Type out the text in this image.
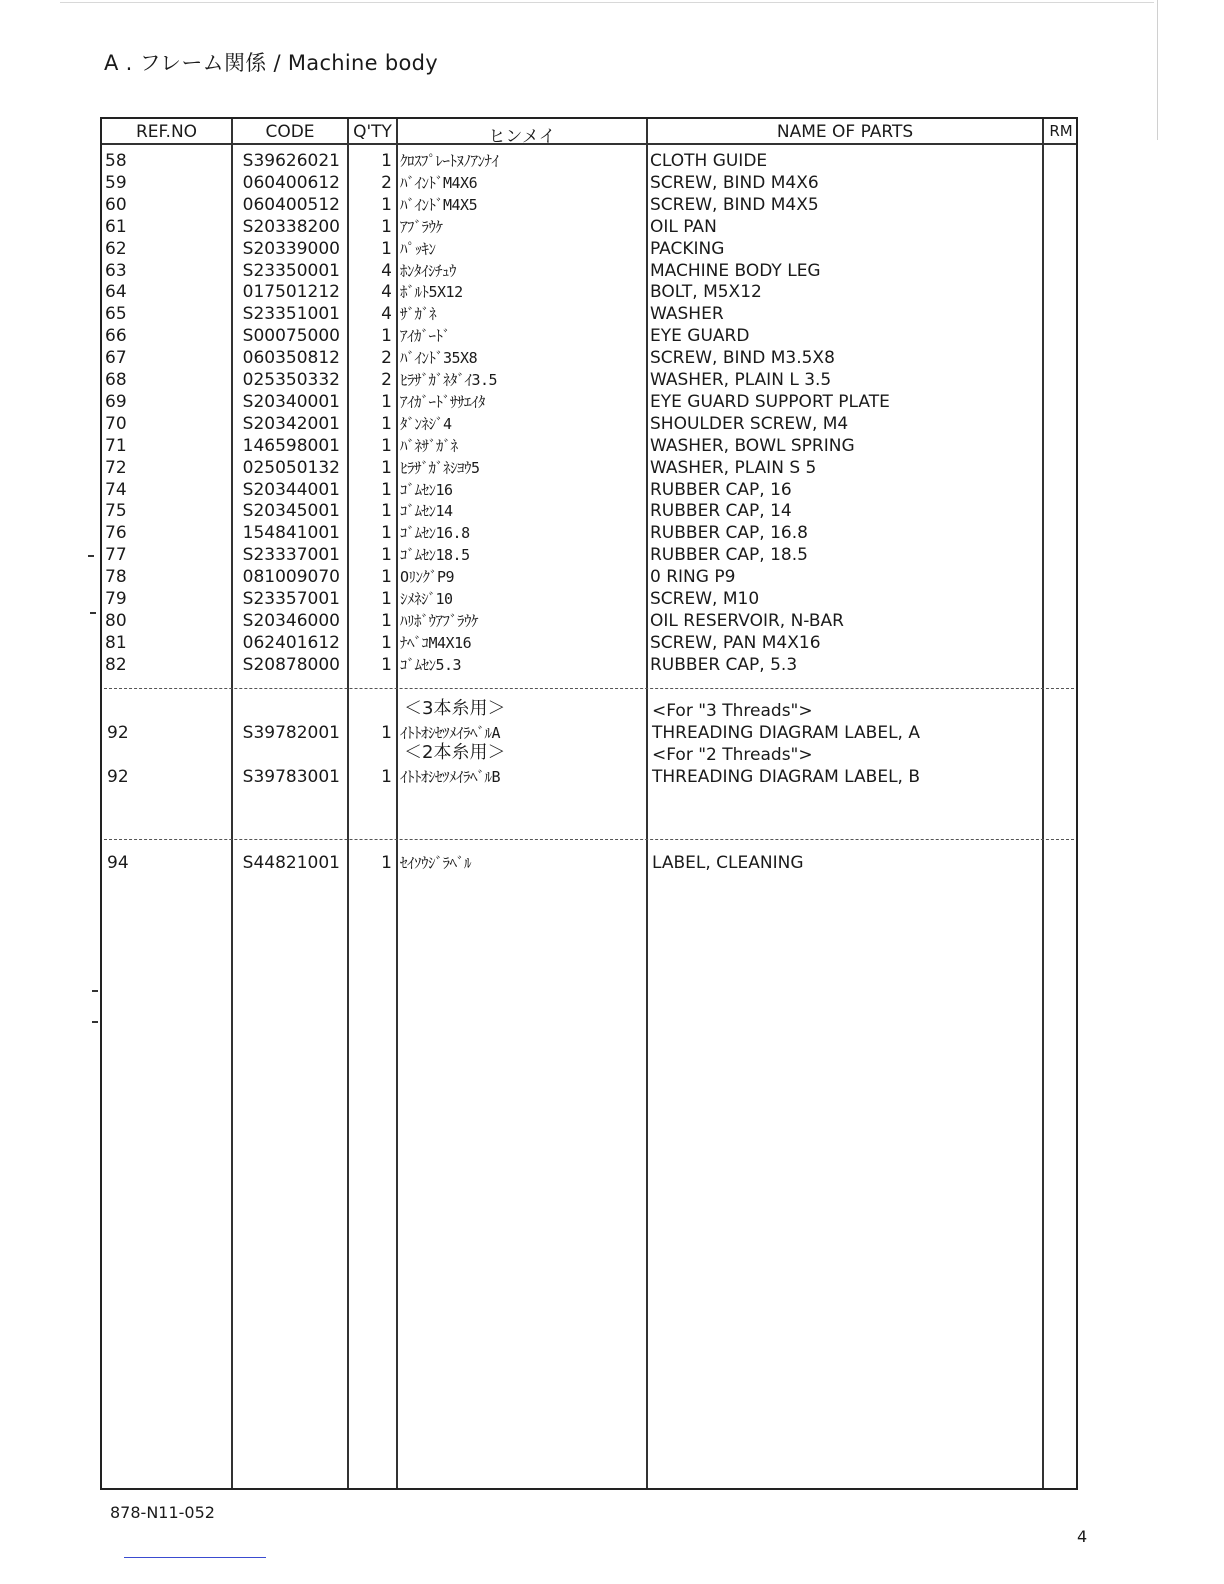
A . フレーム関係 / Machine body
REF.NO	CODE	Q'TY	ヒンメイ	NAME OF PARTS	RM
58	S39626021	1 ｸﾛｽﾌﾟﾚｰﾄﾇﾉｱﾝﾅｲ	CLOTH GUIDE
59	060400612	2 ﾊﾞｲﾝﾄﾞM4X6	SCREW, BIND M4X6
60	060400512	1 ﾊﾞｲﾝﾄﾞM4X5	SCREW, BIND M4X5
61	S20338200	1 ｱﾌﾞﾗｳｹ	OIL PAN
62	S20339000	1 ﾊﾟｯｷﾝ	PACKING
63	S23350001	4 ﾎﾝﾀｲｼﾁｭｳ	MACHINE BODY LEG
64	017501212	4 ﾎﾞﾙﾄ5X12	BOLT, M5X12
65	S23351001	4 ｻﾞｶﾞﾈ	WASHER
66	S00075000	1 ｱｲｶﾞｰﾄﾞ	EYE GUARD
67	060350812	2 ﾊﾞｲﾝﾄﾞ35X8	SCREW, BIND M3.5X8
68	025350332	2 ﾋﾗｻﾞｶﾞﾈﾀﾞｲ3.5	WASHER, PLAIN L 3.5
69	S20340001	1 ｱｲｶﾞｰﾄﾞｻｻｴｲﾀ	EYE GUARD SUPPORT PLATE
70	S20342001	1 ﾀﾞﾝﾈｼﾞ4	SHOULDER SCREW, M4
71	146598001	1 ﾊﾞﾈｻﾞｶﾞﾈ	WASHER, BOWL SPRING
72	025050132	1 ﾋﾗｻﾞｶﾞﾈｼﾖｳ5	WASHER, PLAIN S 5
74	S20344001	1 ｺﾞﾑｾﾝ16	RUBBER CAP, 16
75	S20345001	1 ｺﾞﾑｾﾝ14	RUBBER CAP, 14
76	154841001	1 ｺﾞﾑｾﾝ16.8	RUBBER CAP, 16.8
77	S23337001	1 ｺﾞﾑｾﾝ18.5	RUBBER CAP, 18.5
78	081009070	1 OﾘﾝｸﾞP9	0 RING P9
79	S23357001	1 ｼﾒﾈｼﾞ10	SCREW, M10
80	S20346000	1 ﾊﾘﾎﾞｳｱﾌﾞﾗｳｹ	OIL RESERVOIR, N-BAR
81	062401612	1 ﾅﾍﾞｺM4X16	SCREW, PAN M4X16
82	S20878000	1 ｺﾞﾑｾﾝ5.3	RUBBER CAP, 5.3
＜3本糸用＞	<For "3 Threads">
92	S39782001	1 ｲﾄﾄｵｼｾﾂﾒｲﾗﾍﾞﾙA	THREADING DIAGRAM LABEL, A
＜2本糸用＞	<For "2 Threads">
92	S39783001	1 ｲﾄﾄｵｼｾﾂﾒｲﾗﾍﾞﾙB	THREADING DIAGRAM LABEL, B
94	S44821001	1 ｾｲｿｳｼﾞﾗﾍﾞﾙ	LABEL, CLEANING
878-N11-052
4
